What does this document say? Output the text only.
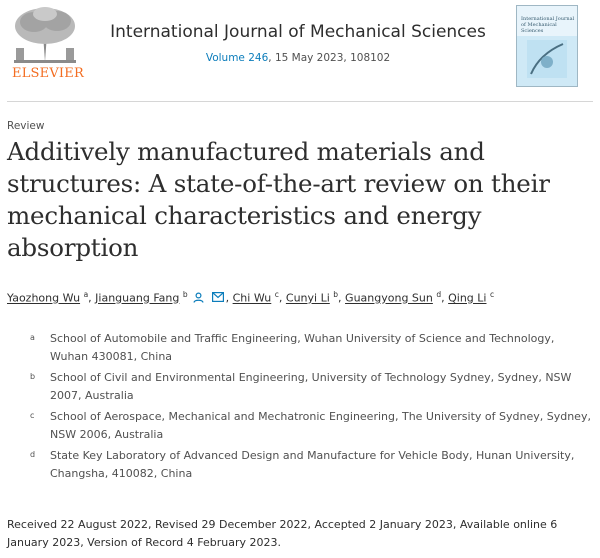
ELSEVIER
International Journal of Mechanical Sciences
Volume 246, 15 May 2023, 108102
International Journal of Mechanical Sciences
Review
Additively manufactured materials and structures: A state-of-the-art review on their mechanical characteristics and energy absorption
Yaozhong Wu $^a$, Jianguang Fang $^b$	, Chi Wu $^c$, Cunyi Li $^b$, Guangyong Sun $^d$, Qing Li $^c$
a School of Automobile and Traffic Engineering, Wuhan University of Science and Technology, Wuhan 430081, China
b School of Civil and Environmental Engineering, University of Technology Sydney, Sydney, NSW 2007, Australia
c School of Aerospace, Mechanical and Mechatronic Engineering, The University of Sydney, Sydney, NSW 2006, Australia
d State Key Laboratory of Advanced Design and Manufacture for Vehicle Body, Hunan University, Changsha, 410082, China
Received 22 August 2022, Revised 29 December 2022, Accepted 2 January 2023, Available online 6 January 2023, Version of Record 4 February 2023.
